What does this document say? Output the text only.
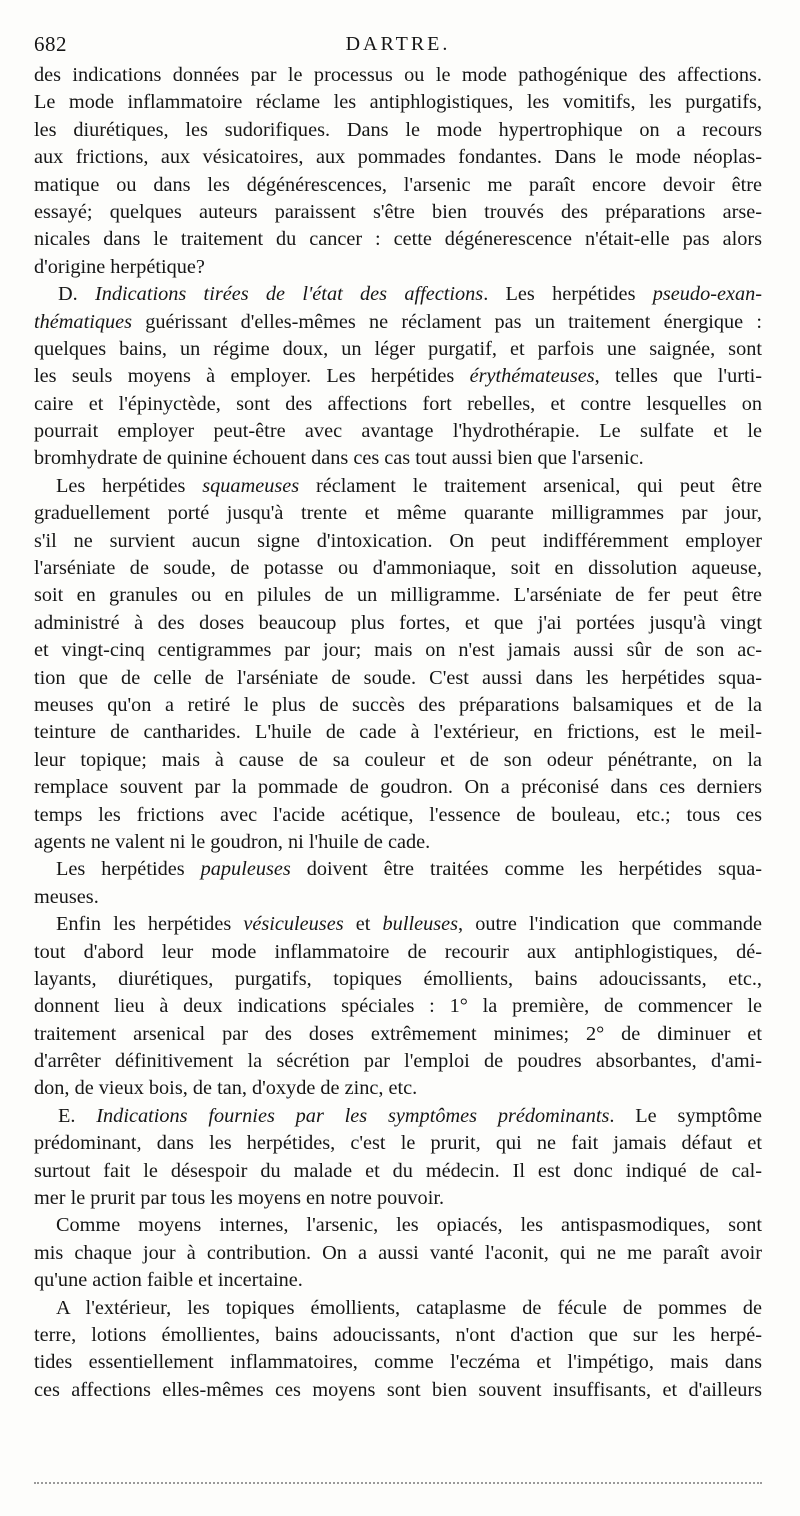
682	DARTRE.
des indications données par le processus ou le mode pathogénique des affections.
Le mode inflammatoire réclame les antiphlogistiques, les vomitifs, les purgatifs,
les diurétiques, les sudorifiques. Dans le mode hypertrophique on a recours
aux frictions, aux vésicatoires, aux pommades fondantes. Dans le mode néoplas-
matique ou dans les dégénérescences, l'arsenic me paraît encore devoir être
essayé; quelques auteurs paraissent s'être bien trouvés des préparations arse-
nicales dans le traitement du cancer : cette dégénerescence n'était-elle pas alors
d'origine herpétique?
D. Indications tirées de l'état des affections. Les herpétides pseudo-exan-
thématiques guérissant d'elles-mêmes ne réclament pas un traitement énergique :
quelques bains, un régime doux, un léger purgatif, et parfois une saignée, sont
les seuls moyens à employer. Les herpétides érythémateuses, telles que l'urti-
caire et l'épinyctède, sont des affections fort rebelles, et contre lesquelles on
pourrait employer peut-être avec avantage l'hydrothérapie. Le sulfate et le
bromhydrate de quinine échouent dans ces cas tout aussi bien que l'arsenic.
Les herpétides squameuses réclament le traitement arsenical, qui peut être
graduellement porté jusqu'à trente et même quarante milligrammes par jour,
s'il ne survient aucun signe d'intoxication. On peut indifféremment employer
l'arséniate de soude, de potasse ou d'ammoniaque, soit en dissolution aqueuse,
soit en granules ou en pilules de un milligramme. L'arséniate de fer peut être
administré à des doses beaucoup plus fortes, et que j'ai portées jusqu'à vingt
et vingt-cinq centigrammes par jour; mais on n'est jamais aussi sûr de son ac-
tion que de celle de l'arséniate de soude. C'est aussi dans les herpétides squa-
meuses qu'on a retiré le plus de succès des préparations balsamiques et de la
teinture de cantharides. L'huile de cade à l'extérieur, en frictions, est le meil-
leur topique; mais à cause de sa couleur et de son odeur pénétrante, on la
remplace souvent par la pommade de goudron. On a préconisé dans ces derniers
temps les frictions avec l'acide acétique, l'essence de bouleau, etc.; tous ces
agents ne valent ni le goudron, ni l'huile de cade.
Les herpétides papuleuses doivent être traitées comme les herpétides squa-
meuses.
Enfin les herpétides vésiculeuses et bulleuses, outre l'indication que commande
tout d'abord leur mode inflammatoire de recourir aux antiphlogistiques, dé-
layants, diurétiques, purgatifs, topiques émollients, bains adoucissants, etc.,
donnent lieu à deux indications spéciales : 1° la première, de commencer le
traitement arsenical par des doses extrêmement minimes; 2° de diminuer et
d'arrêter définitivement la sécrétion par l'emploi de poudres absorbantes, d'ami-
don, de vieux bois, de tan, d'oxyde de zinc, etc.
E. Indications fournies par les symptômes prédominants. Le symptôme
prédominant, dans les herpétides, c'est le prurit, qui ne fait jamais défaut et
surtout fait le désespoir du malade et du médecin. Il est donc indiqué de cal-
mer le prurit par tous les moyens en notre pouvoir.
Comme moyens internes, l'arsenic, les opiacés, les antispasmodiques, sont
mis chaque jour à contribution. On a aussi vanté l'aconit, qui ne me paraît avoir
qu'une action faible et incertaine.
A l'extérieur, les topiques émollients, cataplasme de fécule de pommes de
terre, lotions émollientes, bains adoucissants, n'ont d'action que sur les herpé-
tides essentiellement inflammatoires, comme l'eczéma et l'impétigo, mais dans
ces affections elles-mêmes ces moyens sont bien souvent insuffisants, et d'ailleurs
